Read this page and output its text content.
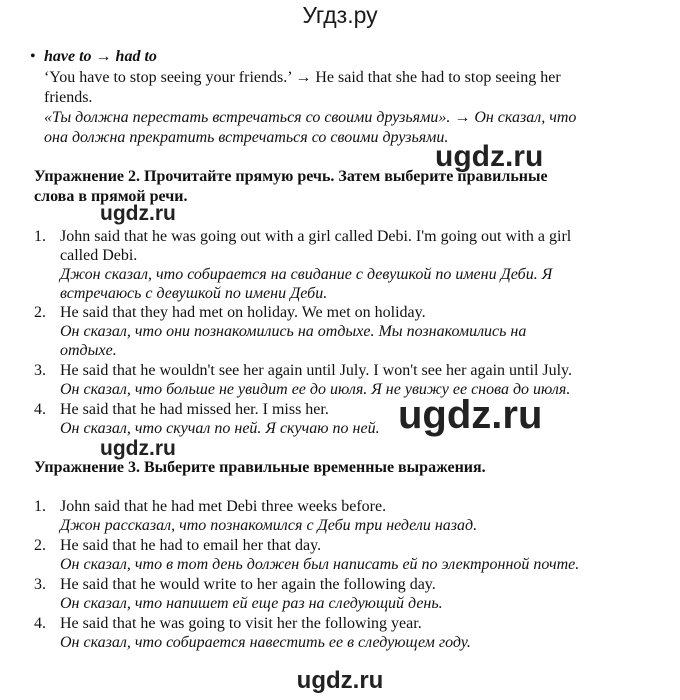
Угдз.ру
• have to → had to
‘You have to stop seeing your friends.’ → He said that she had to stop seeing her
friends.
«Ты должна перестать встречаться со своими друзьями». → Он сказал, что
она должна прекратить встречаться со своими друзьями.
ugdz.ru
Упражнение 2. Прочитайте прямую речь. Затем выберите правильные
слова в прямой речи.
ugdz.ru
1. John said that he was going out with a girl called Debi. I'm going out with a girl
called Debi.
Джон сказал, что собирается на свидание с девушкой по имени Деби. Я
встречаюсь с девушкой по имени Деби.
2. He said that they had met on holiday. We met on holiday.
Он сказал, что они познакомились на отдыхе. Мы познакомились на
отдыхе.
3. He said that he wouldn't see her again until July. I won't see her again until July.
Он сказал, что больше не увидит ее до июля. Я не увижу ее снова до июля.
4. He said that he had missed her. I miss her.
Он сказал, что скучал по ней. Я скучаю по ней. ugdz.ru
ugdz.ru
Упражнение 3. Выберите правильные временные выражения.
1. John said that he had met Debi three weeks before.
Джон рассказал, что познакомился с Деби три недели назад.
2. He said that he had to email her that day.
Он сказал, что в тот день должен был написать ей по электронной почте.
3. He said that he would write to her again the following day.
Он сказал, что напишет ей еще раз на следующий день.
4. He said that he was going to visit her the following year.
Он сказал, что собирается навестить ее в следующем году.
ugdz.ru
